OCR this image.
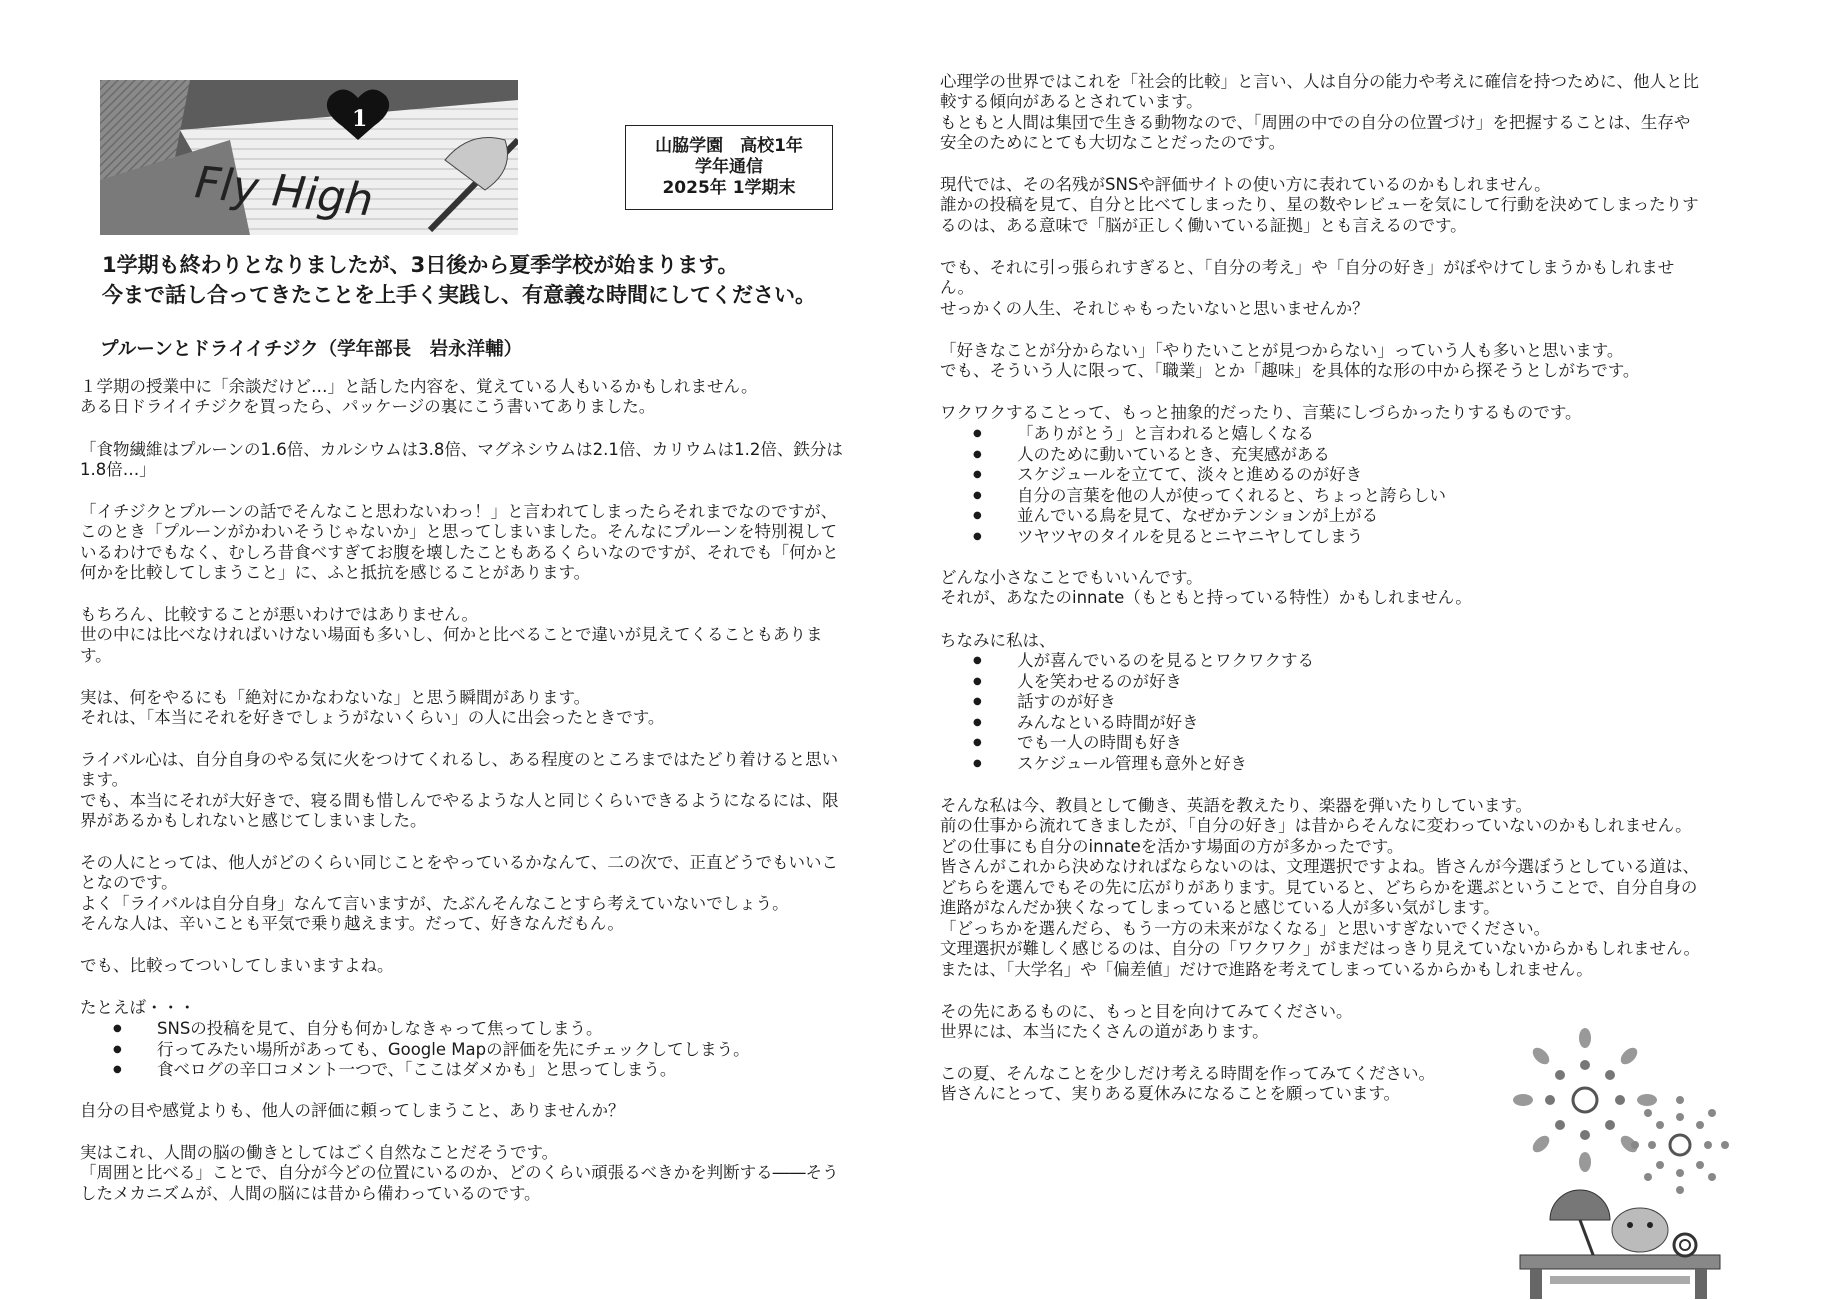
Fly High
1
山脇学園　高校1年
学年通信
2025年 1学期末

1学期も終わりとなりましたが、3日後から夏季学校が始まります。

今まで話し合ってきたことを上手く実践し、有意義な時間にしてください。

プルーンとドライイチジク（学年部長　岩永洋輔）

１学期の授業中に「余談だけど…」と話した内容を、覚えている人もいるかもしれません。

ある日ドライイチジクを買ったら、パッケージの裏にこう書いてありました。

「食物繊維はプルーンの1.6倍、カルシウムは3.8倍、マグネシウムは2.1倍、カリウムは1.2倍、鉄分は

1.8倍…」

「イチジクとプルーンの話でそんなこと思わないわっ！」と言われてしまったらそれまでなのですが、

このとき「プルーンがかわいそうじゃないか」と思ってしまいました。そんなにプルーンを特別視して

いるわけでもなく、むしろ昔食べすぎてお腹を壊したこともあるくらいなのですが、それでも「何かと

何かを比較してしまうこと」に、ふと抵抗を感じることがあります。

もちろん、比較することが悪いわけではありません。

世の中には比べなければいけない場面も多いし、何かと比べることで違いが見えてくることもありま

す。

実は、何をやるにも「絶対にかなわないな」と思う瞬間があります。

それは、「本当にそれを好きでしょうがないくらい」の人に出会ったときです。

ライバル心は、自分自身のやる気に火をつけてくれるし、ある程度のところまではたどり着けると思い

ます。

でも、本当にそれが大好きで、寝る間も惜しんでやるような人と同じくらいできるようになるには、限

界があるかもしれないと感じてしまいました。

その人にとっては、他人がどのくらい同じことをやっているかなんて、二の次で、正直どうでもいいこ

となのです。

よく「ライバルは自分自身」なんて言いますが、たぶんそんなことすら考えていないでしょう。

そんな人は、辛いことも平気で乗り越えます。だって、好きなんだもん。

でも、比較ってついしてしまいますよね。

たとえば・・・

● SNSの投稿を見て、自分も何かしなきゃって焦ってしまう。
● 行ってみたい場所があっても、Google Mapの評価を先にチェックしてしまう。
● 食べログの辛口コメント一つで、「ここはダメかも」と思ってしまう。

自分の目や感覚よりも、他人の評価に頼ってしまうこと、ありませんか？

実はこれ、人間の脳の働きとしてはごく自然なことだそうです。

「周囲と比べる」ことで、自分が今どの位置にいるのか、どのくらい頑張るべきかを判断する――そう

したメカニズムが、人間の脳には昔から備わっているのです。

心理学の世界ではこれを「社会的比較」と言い、人は自分の能力や考えに確信を持つために、他人と比

較する傾向があるとされています。

もともと人間は集団で生きる動物なので、「周囲の中での自分の位置づけ」を把握することは、生存や

安全のためにとても大切なことだったのです。

現代では、その名残がSNSや評価サイトの使い方に表れているのかもしれません。

誰かの投稿を見て、自分と比べてしまったり、星の数やレビューを気にして行動を決めてしまったりす

るのは、ある意味で「脳が正しく働いている証拠」とも言えるのです。

でも、それに引っ張られすぎると、「自分の考え」や「自分の好き」がぼやけてしまうかもしれませ

ん。

せっかくの人生、それじゃもったいないと思いませんか？

「好きなことが分からない」「やりたいことが見つからない」っていう人も多いと思います。

でも、そういう人に限って、「職業」とか「趣味」を具体的な形の中から探そうとしがちです。

ワクワクすることって、もっと抽象的だったり、言葉にしづらかったりするものです。

● 「ありがとう」と言われると嬉しくなる
● 人のために動いているとき、充実感がある
● スケジュールを立てて、淡々と進めるのが好き
● 自分の言葉を他の人が使ってくれると、ちょっと誇らしい
● 並んでいる鳥を見て、なぜかテンションが上がる
● ツヤツヤのタイルを見るとニヤニヤしてしまう

どんな小さなことでもいいんです。

それが、あなたのinnate（もともと持っている特性）かもしれません。

ちなみに私は、

● 人が喜んでいるのを見るとワクワクする
● 人を笑わせるのが好き
● 話すのが好き
● みんなといる時間が好き
● でも一人の時間も好き
● スケジュール管理も意外と好き

そんな私は今、教員として働き、英語を教えたり、楽器を弾いたりしています。

前の仕事から流れてきましたが、「自分の好き」は昔からそんなに変わっていないのかもしれません。

どの仕事にも自分のinnateを活かす場面の方が多かったです。

皆さんがこれから決めなければならないのは、文理選択ですよね。皆さんが今選ぼうとしている道は、

どちらを選んでもその先に広がりがあります。見ていると、どちらかを選ぶということで、自分自身の

進路がなんだか狭くなってしまっていると感じている人が多い気がします。

「どっちかを選んだら、もう一方の未来がなくなる」と思いすぎないでください。

文理選択が難しく感じるのは、自分の「ワクワク」がまだはっきり見えていないからかもしれません。

または、「大学名」や「偏差値」だけで進路を考えてしまっているからかもしれません。

その先にあるものに、もっと目を向けてみてください。

世界には、本当にたくさんの道があります。

この夏、そんなことを少しだけ考える時間を作ってみてください。

皆さんにとって、実りある夏休みになることを願っています。
